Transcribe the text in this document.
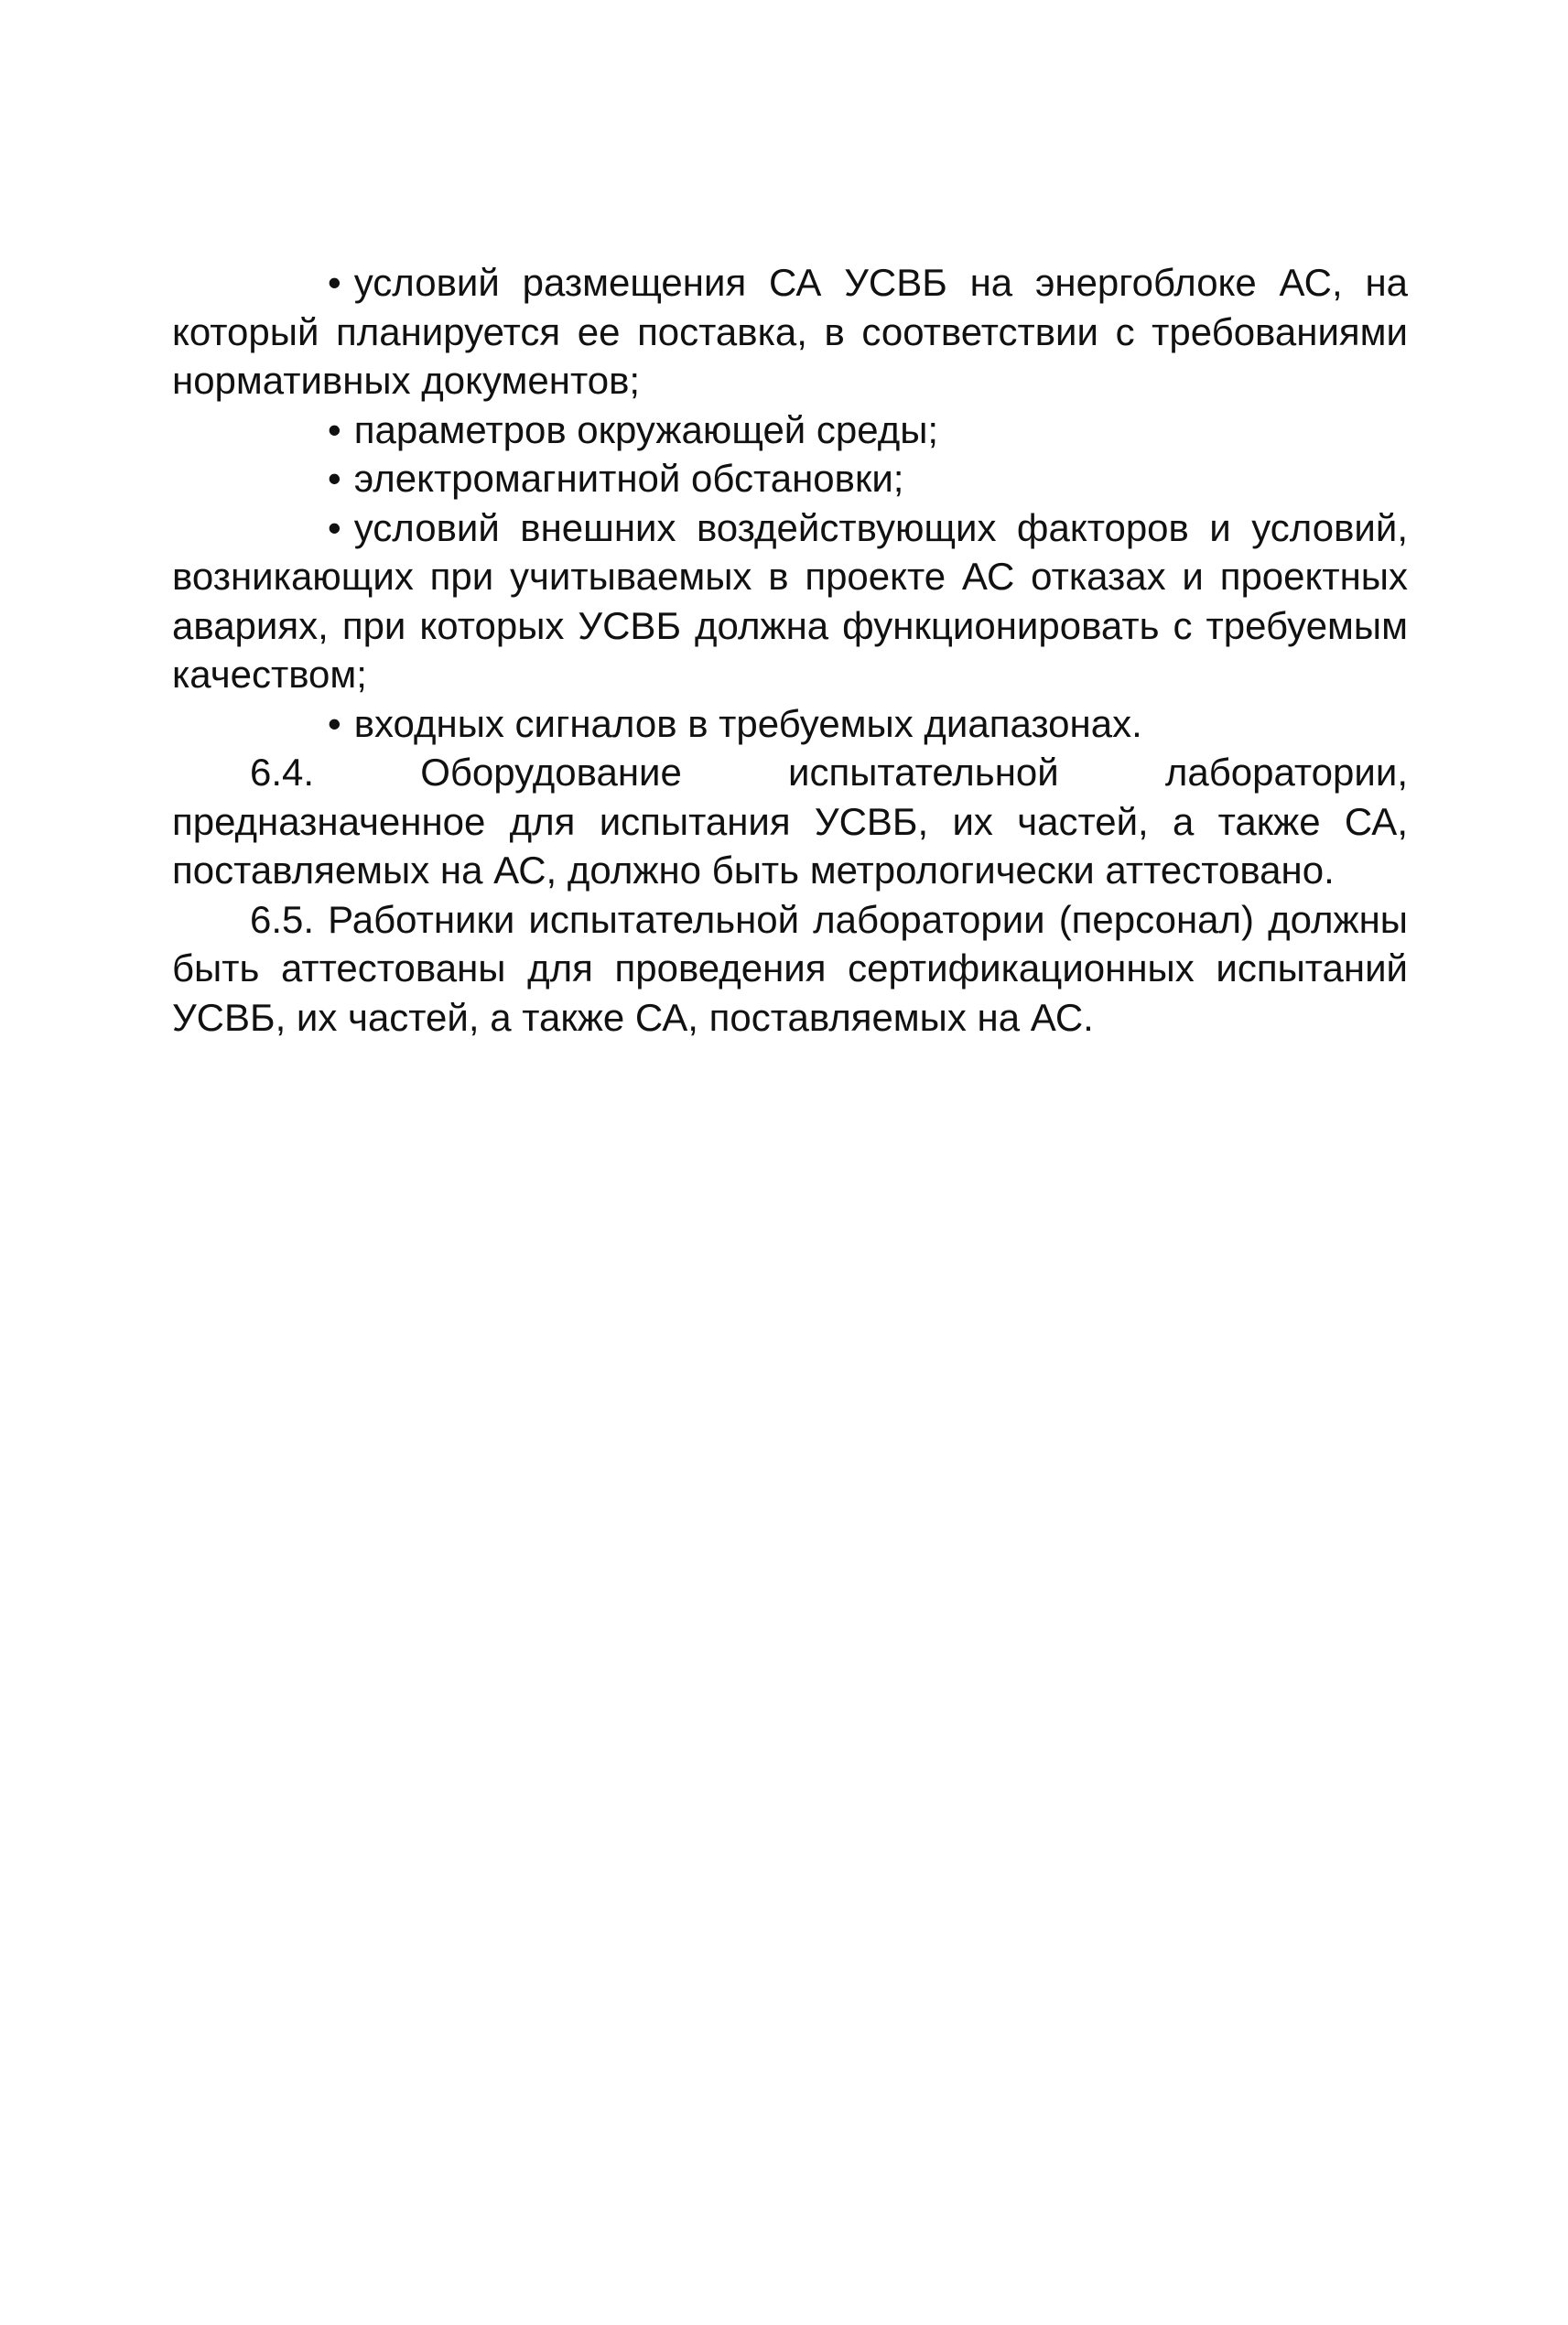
• условий размещения СА УСВБ на энергоблоке АС, на который планируется ее поставка, в соответствии с требованиями нормативных документов;

• параметров окружающей среды;

• электромагнитной обстановки;

• условий внешних воздействующих факторов и условий, возникающих при учитываемых в проекте АС отказах и проектных авариях, при которых УСВБ должна функционировать с требуемым качеством;

• входных сигналов в требуемых диапазонах.

6.4. Оборудование испытательной лаборатории, предназначенное для испытания УСВБ, их частей, а также СА, поставляемых на АС, должно быть метрологически аттестовано.

6.5. Работники испытательной лаборатории (персонал) должны быть аттестованы для проведения сертификационных испытаний УСВБ, их частей, а также СА, поставляемых на АС.
